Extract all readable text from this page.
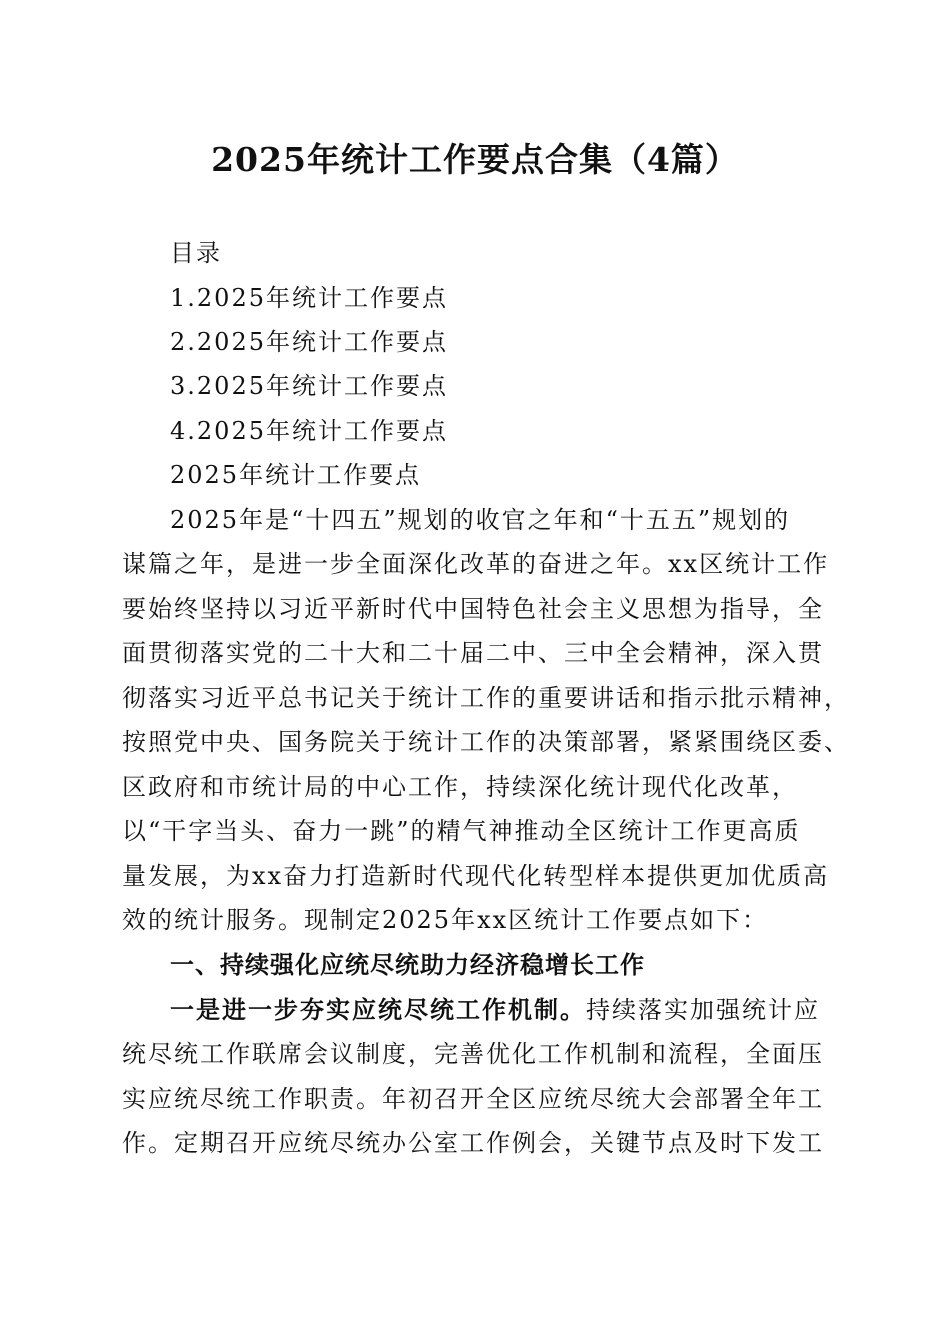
2025年统计工作要点合集（4篇）

目录

1.2025年统计工作要点

2.2025年统计工作要点

3.2025年统计工作要点

4.2025年统计工作要点

2025年统计工作要点

2025年是“十四五”规划的收官之年和“十五五”规划的

谋篇之年，是进一步全面深化改革的奋进之年。xx区统计工作

要始终坚持以习近平新时代中国特色社会主义思想为指导，全

面贯彻落实党的二十大和二十届二中、三中全会精神，深入贯

彻落实习近平总书记关于统计工作的重要讲话和指示批示精神，

按照党中央、国务院关于统计工作的决策部署，紧紧围绕区委、

区政府和市统计局的中心工作，持续深化统计现代化改革，

以“干字当头、奋力一跳”的精气神推动全区统计工作更高质

量发展，为xx奋力打造新时代现代化转型样本提供更加优质高

效的统计服务。现制定2025年xx区统计工作要点如下：

一、持续强化应统尽统助力经济稳增长工作

一是进一步夯实应统尽统工作机制。持续落实加强统计应

统尽统工作联席会议制度，完善优化工作机制和流程，全面压

实应统尽统工作职责。年初召开全区应统尽统大会部署全年工

作。定期召开应统尽统办公室工作例会，关键节点及时下发工
